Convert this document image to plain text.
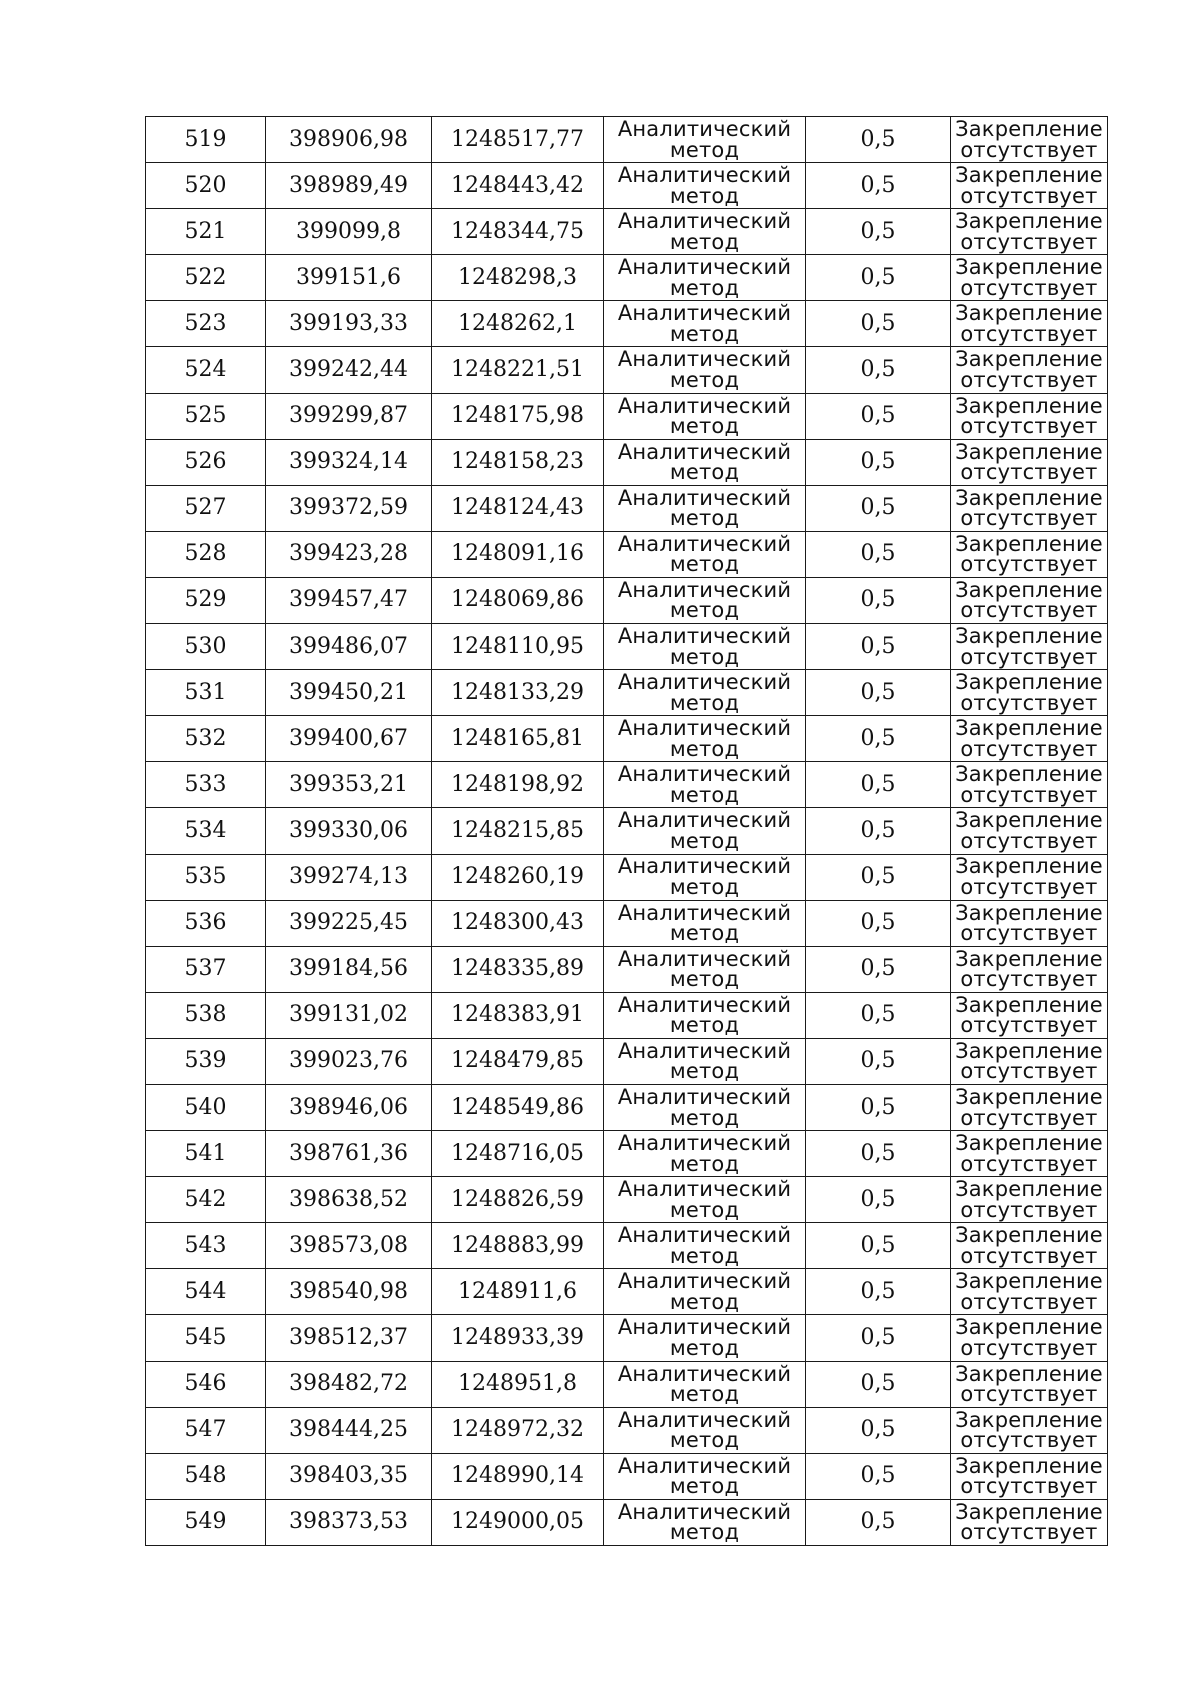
519	398906,98	1248517,77	Аналитический
метод	0,5	Закрепление
отсутствует

520	398989,49	1248443,42	Аналитический
метод	0,5	Закрепление
отсутствует

521	399099,8	1248344,75	Аналитический
метод	0,5	Закрепление
отсутствует

522	399151,6	1248298,3	Аналитический
метод	0,5	Закрепление
отсутствует

523	399193,33	1248262,1	Аналитический
метод	0,5	Закрепление
отсутствует

524	399242,44	1248221,51	Аналитический
метод	0,5	Закрепление
отсутствует

525	399299,87	1248175,98	Аналитический
метод	0,5	Закрепление
отсутствует

526	399324,14	1248158,23	Аналитический
метод	0,5	Закрепление
отсутствует

527	399372,59	1248124,43	Аналитический
метод	0,5	Закрепление
отсутствует

528	399423,28	1248091,16	Аналитический
метод	0,5	Закрепление
отсутствует

529	399457,47	1248069,86	Аналитический
метод	0,5	Закрепление
отсутствует

530	399486,07	1248110,95	Аналитический
метод	0,5	Закрепление
отсутствует

531	399450,21	1248133,29	Аналитический
метод	0,5	Закрепление
отсутствует

532	399400,67	1248165,81	Аналитический
метод	0,5	Закрепление
отсутствует

533	399353,21	1248198,92	Аналитический
метод	0,5	Закрепление
отсутствует

534	399330,06	1248215,85	Аналитический
метод	0,5	Закрепление
отсутствует

535	399274,13	1248260,19	Аналитический
метод	0,5	Закрепление
отсутствует

536	399225,45	1248300,43	Аналитический
метод	0,5	Закрепление
отсутствует

537	399184,56	1248335,89	Аналитический
метод	0,5	Закрепление
отсутствует

538	399131,02	1248383,91	Аналитический
метод	0,5	Закрепление
отсутствует

539	399023,76	1248479,85	Аналитический
метод	0,5	Закрепление
отсутствует

540	398946,06	1248549,86	Аналитический
метод	0,5	Закрепление
отсутствует

541	398761,36	1248716,05	Аналитический
метод	0,5	Закрепление
отсутствует

542	398638,52	1248826,59	Аналитический
метод	0,5	Закрепление
отсутствует

543	398573,08	1248883,99	Аналитический
метод	0,5	Закрепление
отсутствует

544	398540,98	1248911,6	Аналитический
метод	0,5	Закрепление
отсутствует

545	398512,37	1248933,39	Аналитический
метод	0,5	Закрепление
отсутствует

546	398482,72	1248951,8	Аналитический
метод	0,5	Закрепление
отсутствует

547	398444,25	1248972,32	Аналитический
метод	0,5	Закрепление
отсутствует

548	398403,35	1248990,14	Аналитический
метод	0,5	Закрепление
отсутствует

549	398373,53	1249000,05	Аналитический
метод	0,5	Закрепление
отсутствует
